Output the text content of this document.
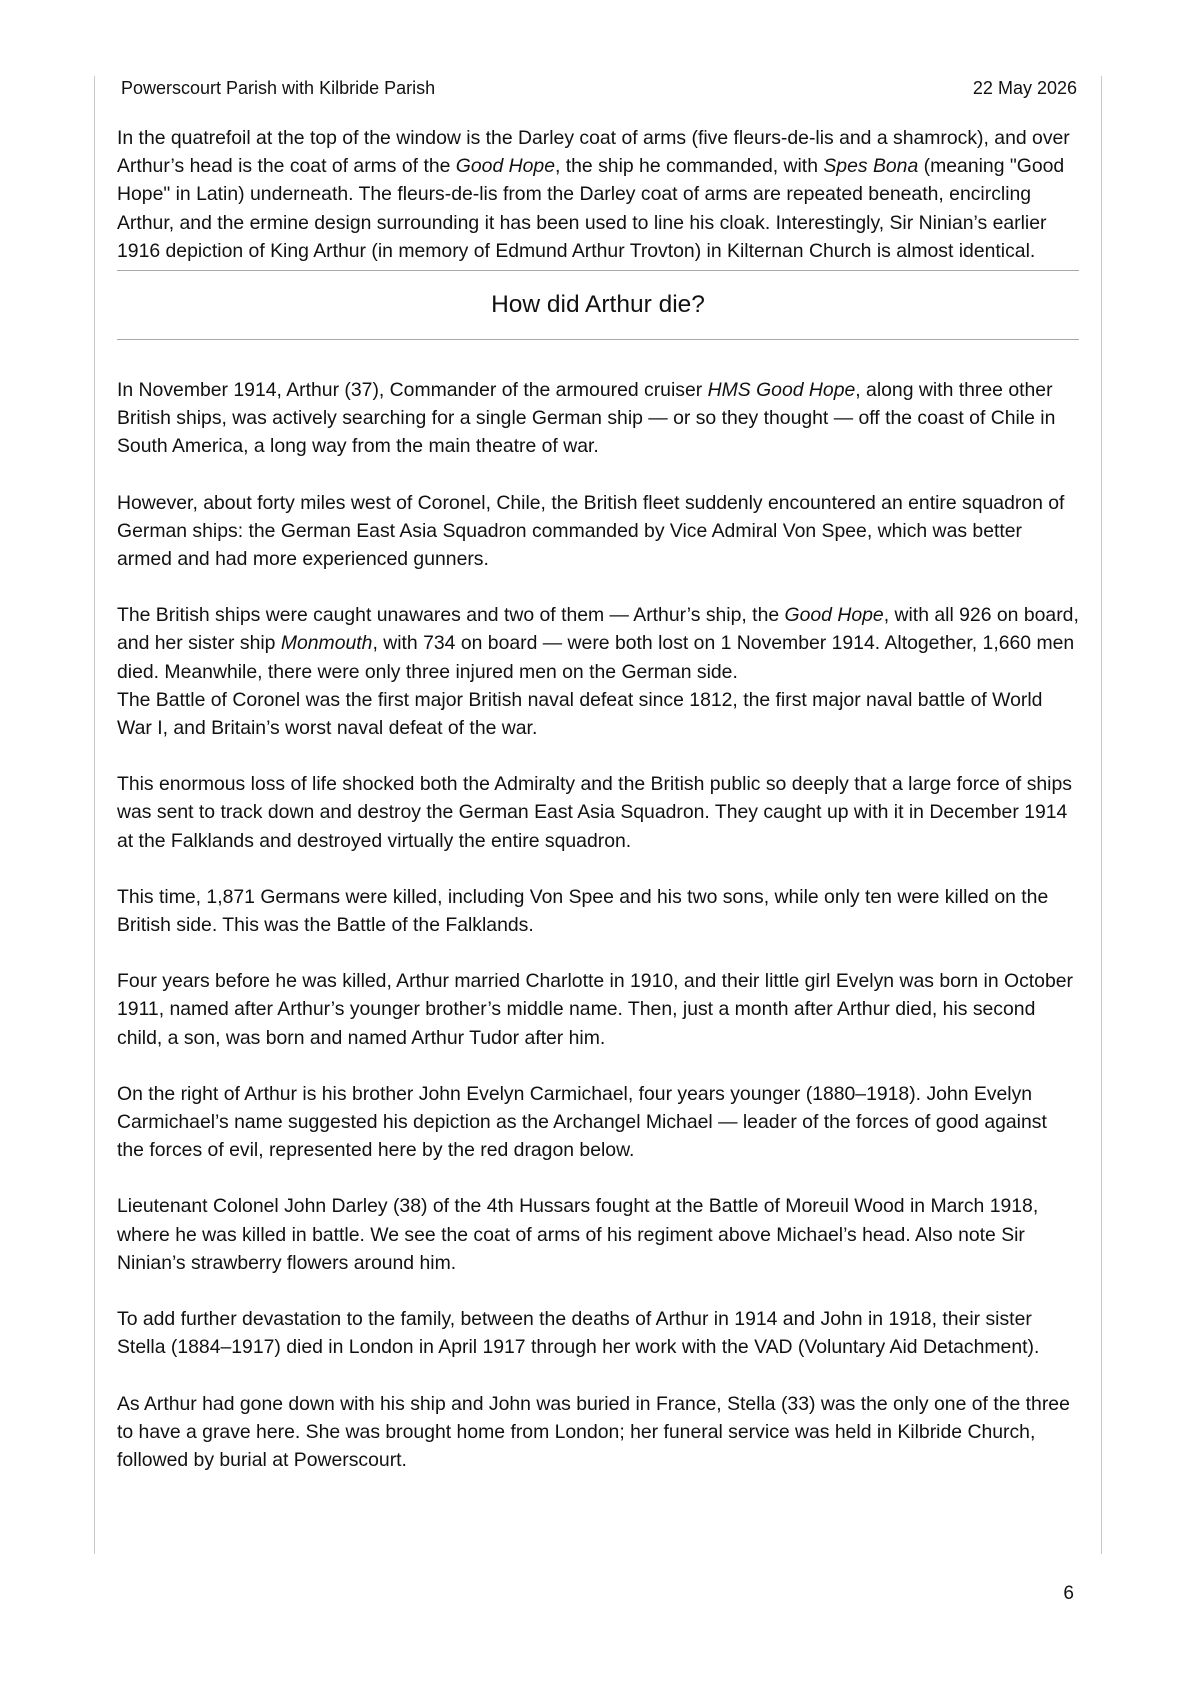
Powerscourt Parish with Kilbride Parish	22 May 2026

In the quatrefoil at the top of the window is the Darley coat of arms (five fleurs-de-lis and a shamrock), and over Arthur’s head is the coat of arms of the Good Hope, the ship he commanded, with Spes Bona (meaning "Good Hope" in Latin) underneath. The fleurs-de-lis from the Darley coat of arms are repeated beneath, encircling Arthur, and the ermine design surrounding it has been used to line his cloak. Interestingly, Sir Ninian’s earlier 1916 depiction of King Arthur (in memory of Edmund Arthur Trovton) in Kilternan Church is almost identical.

How did Arthur die?

In November 1914, Arthur (37), Commander of the armoured cruiser HMS Good Hope, along with three other British ships, was actively searching for a single German ship — or so they thought — off the coast of Chile in South America, a long way from the main theatre of war.

However, about forty miles west of Coronel, Chile, the British fleet suddenly encountered an entire squadron of German ships: the German East Asia Squadron commanded by Vice Admiral Von Spee, which was better armed and had more experienced gunners.

The British ships were caught unawares and two of them — Arthur’s ship, the Good Hope, with all 926 on board, and her sister ship Monmouth, with 734 on board — were both lost on 1 November 1914. Altogether, 1,660 men died. Meanwhile, there were only three injured men on the German side.
The Battle of Coronel was the first major British naval defeat since 1812, the first major naval battle of World War I, and Britain’s worst naval defeat of the war.

This enormous loss of life shocked both the Admiralty and the British public so deeply that a large force of ships was sent to track down and destroy the German East Asia Squadron. They caught up with it in December 1914 at the Falklands and destroyed virtually the entire squadron.

This time, 1,871 Germans were killed, including Von Spee and his two sons, while only ten were killed on the British side. This was the Battle of the Falklands.

Four years before he was killed, Arthur married Charlotte in 1910, and their little girl Evelyn was born in October 1911, named after Arthur’s younger brother’s middle name. Then, just a month after Arthur died, his second child, a son, was born and named Arthur Tudor after him.

On the right of Arthur is his brother John Evelyn Carmichael, four years younger (1880–1918). John Evelyn Carmichael’s name suggested his depiction as the Archangel Michael — leader of the forces of good against the forces of evil, represented here by the red dragon below.

Lieutenant Colonel John Darley (38) of the 4th Hussars fought at the Battle of Moreuil Wood in March 1918, where he was killed in battle. We see the coat of arms of his regiment above Michael’s head. Also note Sir Ninian’s strawberry flowers around him.

To add further devastation to the family, between the deaths of Arthur in 1914 and John in 1918, their sister Stella (1884–1917) died in London in April 1917 through her work with the VAD (Voluntary Aid Detachment).

As Arthur had gone down with his ship and John was buried in France, Stella (33) was the only one of the three to have a grave here. She was brought home from London; her funeral service was held in Kilbride Church, followed by burial at Powerscourt.

6
